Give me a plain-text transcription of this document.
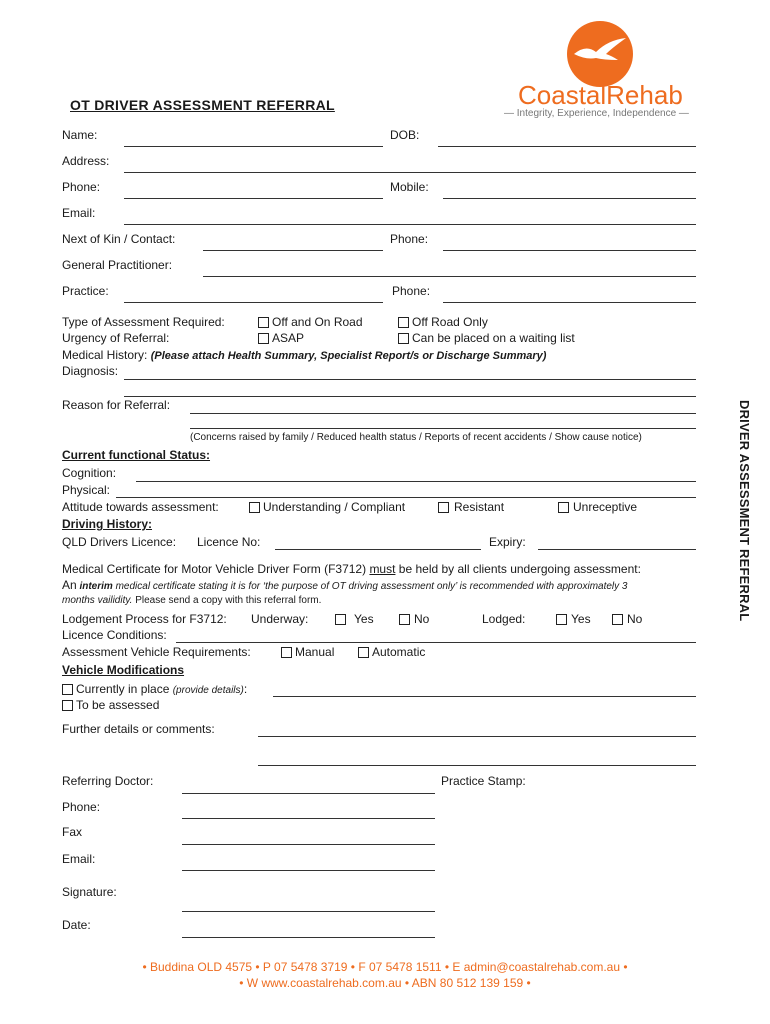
CoastalRehab
— Integrity, Experience, Independence —
OT DRIVER ASSESSMENT REFERRAL
DRIVER ASSESSMENT REFERRAL
Name:	DOB:
Address:
Phone:	Mobile:
Email:
Next of Kin / Contact:	Phone:
General Practitioner:
Practice:	Phone:
Type of Assessment Required:	Off and On Road	Off Road Only
Urgency of Referral:	ASAP	Can be placed on a waiting list
Medical History: (Please attach Health Summary, Specialist Report/s or Discharge Summary)
Diagnosis:
Reason for Referral:
(Concerns raised by family / Reduced health status / Reports of recent accidents / Show cause notice)
Current functional Status:
Cognition:
Physical:
Attitude towards assessment:	Understanding / Compliant	Resistant	Unreceptive
Driving History:
QLD Drivers Licence: Licence No:	Expiry:
Medical Certificate for Motor Vehicle Driver Form (F3712) must be held by all clients undergoing assessment:
An interim medical certificate stating it is for ‘the purpose of OT driving assessment only’ is recommended with approximately 3
months vailidity. Please send a copy with this referral form.
Lodgement Process for F3712: Underway:	Yes	No	Lodged:	Yes	No
Licence Conditions:
Assessment Vehicle Requirements:	Manual	Automatic
Vehicle Modifications
Currently in place (provide details):
To be assessed
Further details or comments:
Referring Doctor:	Practice Stamp:
Phone:
Fax
Email:
Signature:
Date:
• Buddina OLD 4575 • P 07 5478 3719 • F 07 5478 1511 • E admin@coastalrehab.com.au •
• W www.coastalrehab.com.au • ABN 80 512 139 159 •
